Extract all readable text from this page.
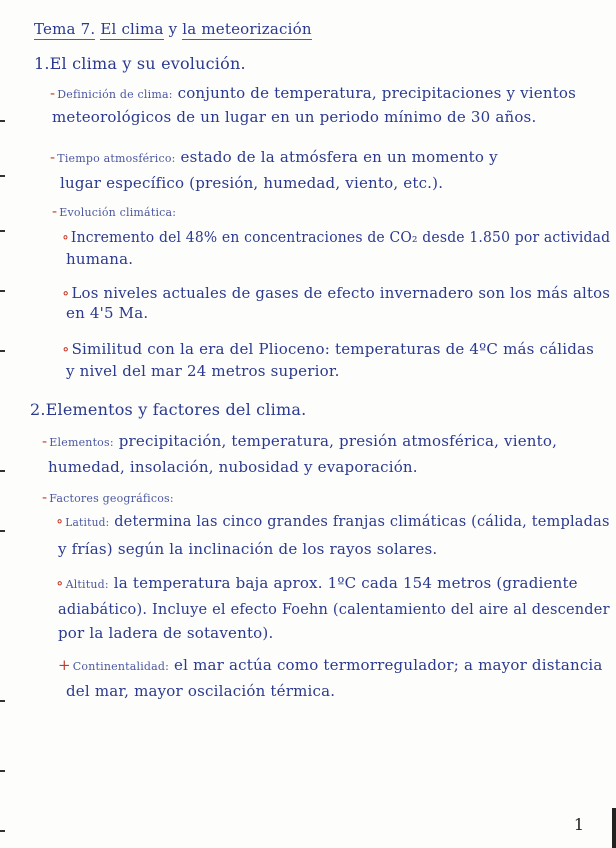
Tema 7. El clima y la meteorización
1.El clima y su evolución.
- Definición de clima: conjunto de temperatura, precipitaciones y vientos
meteorológicos de un lugar en un periodo mínimo de 30 años.
- Tiempo atmosférico: estado de la atmósfera en un momento y
lugar específico (presión, humedad, viento, etc.).
- Evolución climática:
∘ Incremento del 48% en concentraciones de CO₂ desde 1.850 por actividad
humana.
∘ Los niveles actuales de gases de efecto invernadero son los más altos
en 4'5 Ma.
∘ Similitud con la era del Plioceno: temperaturas de 4ºC más cálidas
y nivel del mar 24 metros superior.
2.Elementos y factores del clima.
- Elementos: precipitación, temperatura, presión atmosférica, viento,
humedad, insolación, nubosidad y evaporación.
- Factores geográficos:
∘ Latitud: determina las cinco grandes franjas climáticas (cálida, templadas
y frías) según la inclinación de los rayos solares.
∘ Altitud: la temperatura baja aprox. 1ºC cada 154 metros (gradiente
adiabático). Incluye el efecto Foehn (calentamiento del aire al descender
por la ladera de sotavento).
+ Continentalidad: el mar actúa como termorregulador; a mayor distancia
del mar, mayor oscilación térmica.
1
